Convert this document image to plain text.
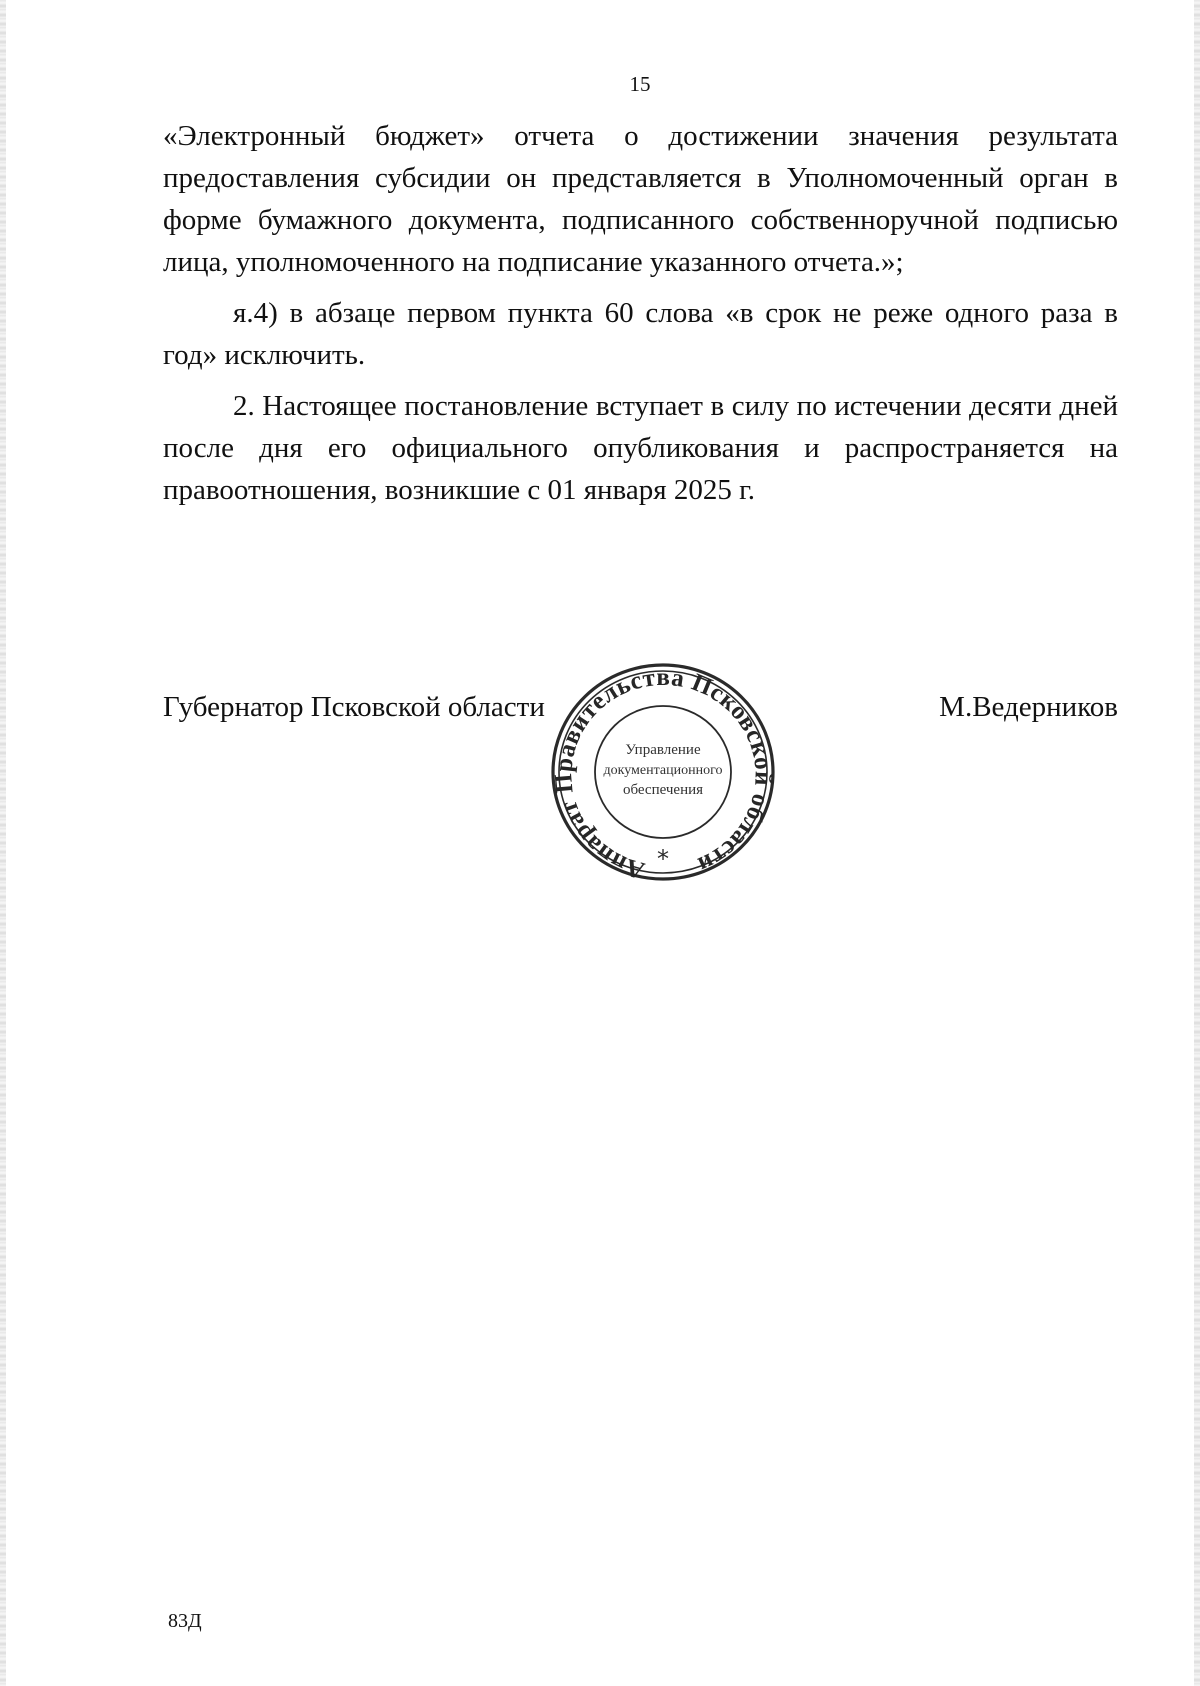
15

«Электронный бюджет» отчета о достижении значения результата предоставления субсидии он представляется в Уполномоченный орган в форме бумажного документа, подписанного собственноручной подписью лица, уполномоченного на подписание указанного отчета.»;

я.4) в абзаце первом пункта 60 слова «в срок не реже одного раза в год» исключить.

2. Настоящее постановление вступает в силу по истечении десяти дней после дня его официального опубликования и распространяется на правоотношения, возникшие с 01 января 2025 г.

Губернатор Псковской области	М.Ведерников
Аппарат Правительства Псковской области
Управление
документационного
обеспечения
*
83Д
